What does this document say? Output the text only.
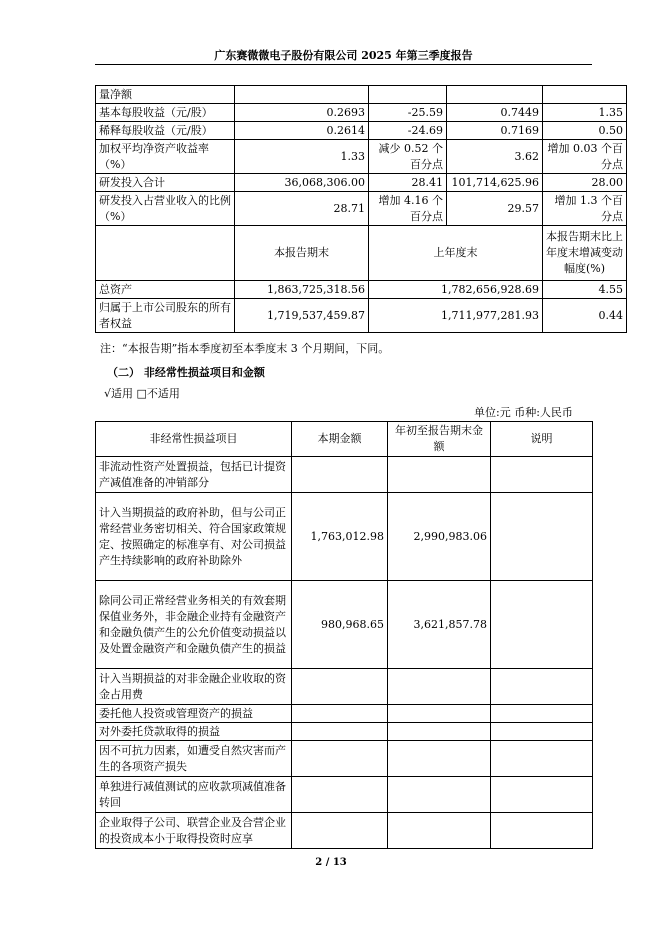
广东赛微微电子股份有限公司 2025 年第三季度报告
量净额				
基本每股收益（元/股）	0.2693	-25.59	0.7449	1.35
稀释每股收益（元/股）	0.2614	-24.69	0.7169	0.50
加权平均净资产收益率（%）	1.33	减少 0.52 个百分点	3.62	增加 0.03 个百分点
研发投入合计	36,068,306.00	28.41	101,714,625.96	28.00
研发投入占营业收入的比例（%）	28.71	增加 4.16 个百分点	29.57	增加 1.3 个百分点
	本报告期末	上年度末		本报告期末比上年度末增减变动幅度(%)
总资产	1,863,725,318.56	1,782,656,928.69		4.55
归属于上市公司股东的所有者权益	1,719,537,459.87	1,711,977,281.93		0.44
注：“本报告期”指本季度初至本季度末 3 个月期间，下同。
（二） 非经常性损益项目和金额
√适用 □不适用
单位:元 币种:人民币
非经常性损益项目	本期金额	年初至报告期末金额	说明
非流动性资产处置损益，包括已计提资产减值准备的冲销部分			
计入当期损益的政府补助，但与公司正常经营业务密切相关、符合国家政策规定、按照确定的标准享有、对公司损益产生持续影响的政府补助除外	1,763,012.98	2,990,983.06	
除同公司正常经营业务相关的有效套期保值业务外，非金融企业持有金融资产和金融负债产生的公允价值变动损益以及处置金融资产和金融负债产生的损益	980,968.65	3,621,857.78	
计入当期损益的对非金融企业收取的资金占用费			
委托他人投资或管理资产的损益			
对外委托贷款取得的损益			
因不可抗力因素，如遭受自然灾害而产生的各项资产损失			
单独进行减值测试的应收款项减值准备转回			
企业取得子公司、联营企业及合营企业的投资成本小于取得投资时应享			
2 / 13
